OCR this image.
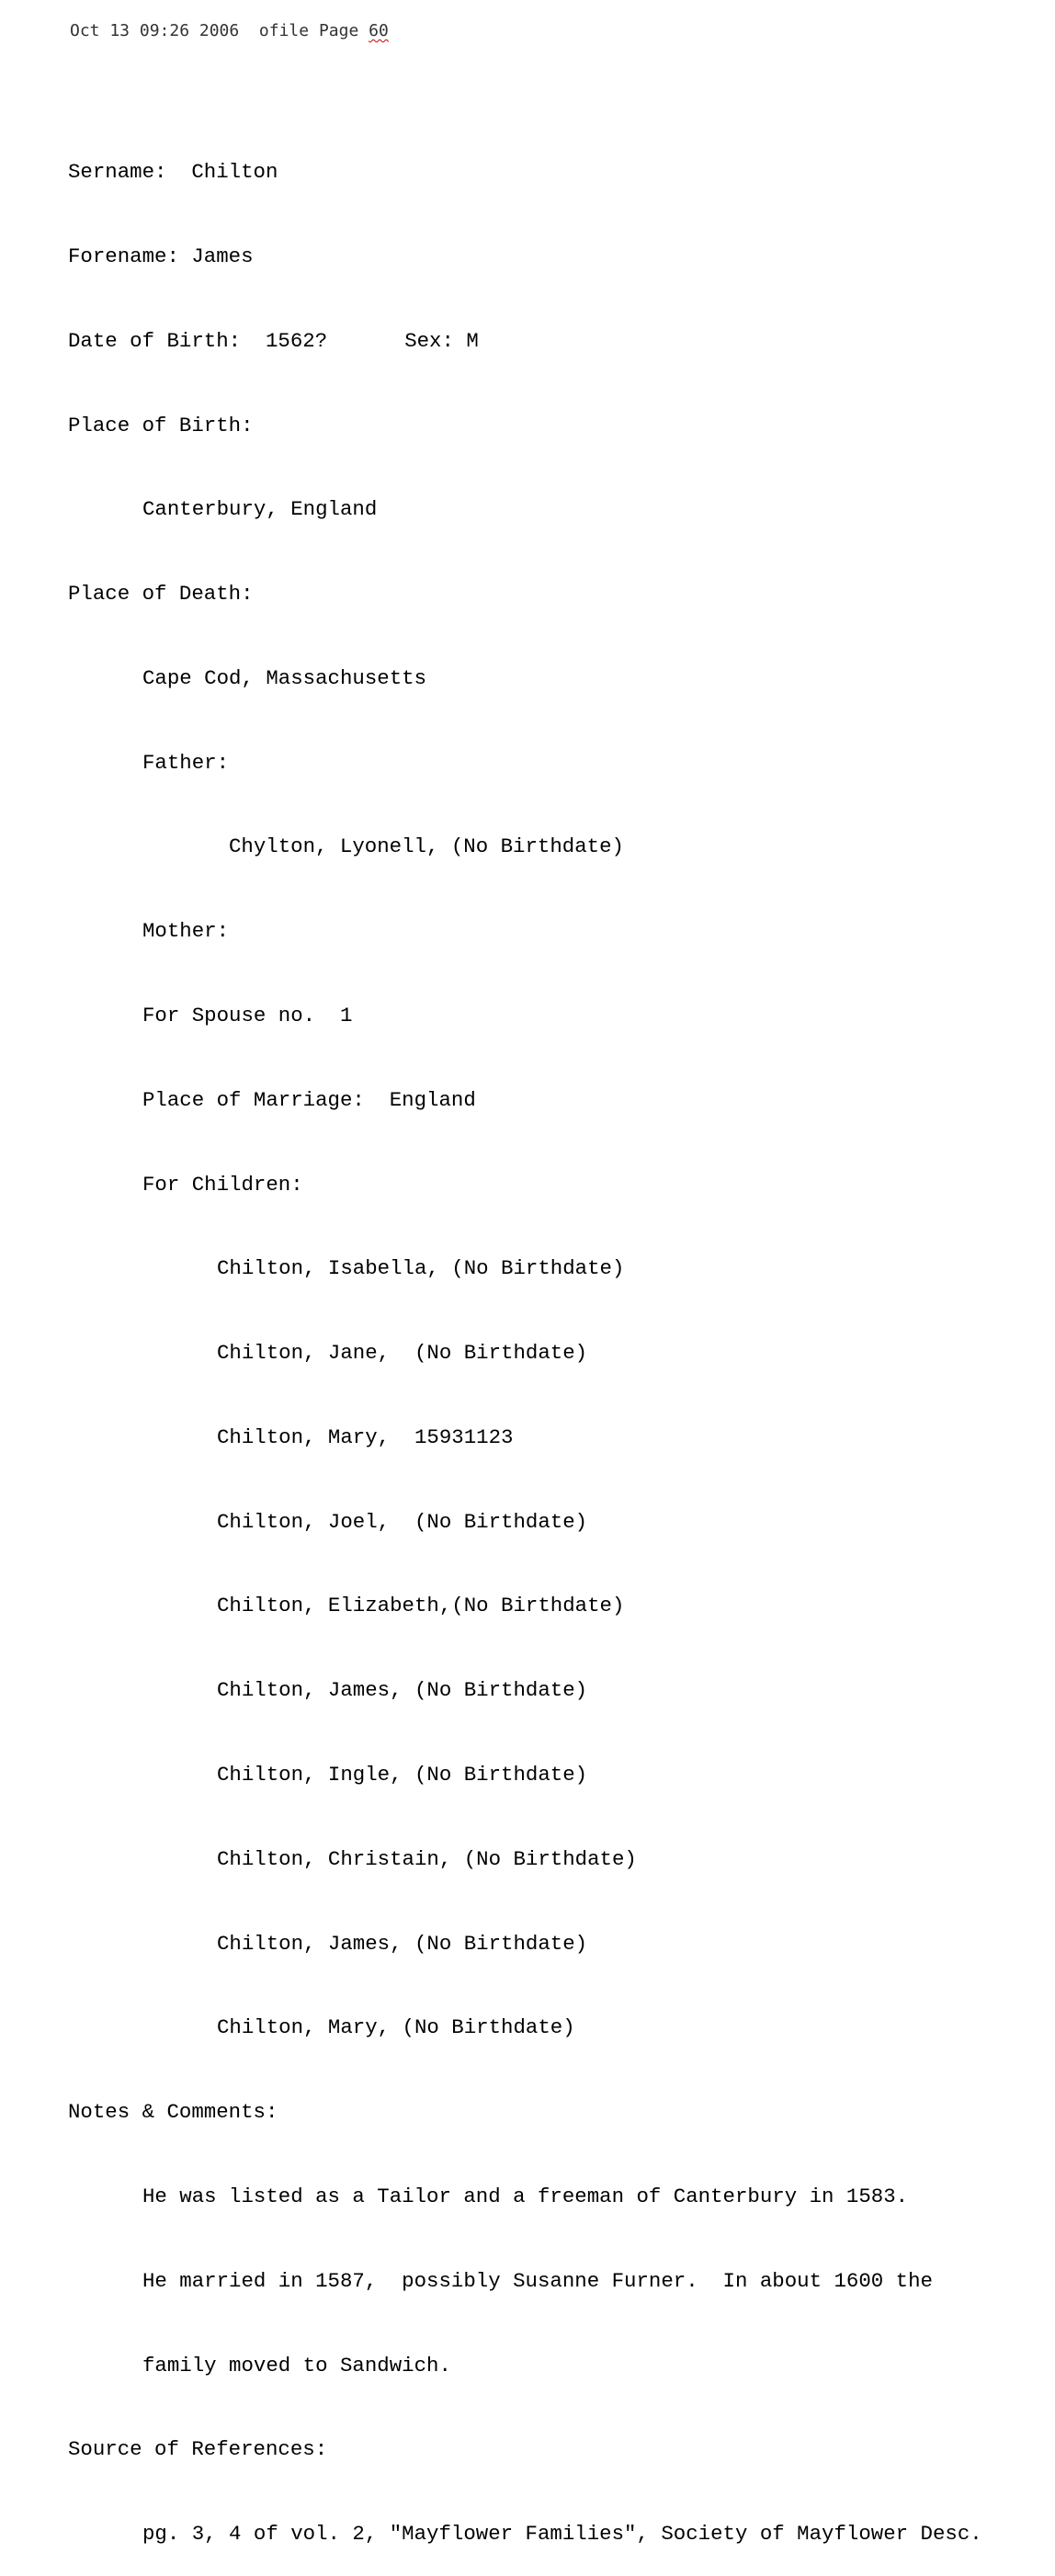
Oct 13 09:26 2006 ofile Page 60

Sername: Chilton

Forename: James

Date of Birth: 1562?	Sex: M

Place of Birth:

Canterbury, England

Place of Death:

Cape Cod, Massachusetts

Father:

Chylton, Lyonell, (No Birthdate)

Mother:

For Spouse no. 1

Place of Marriage: England

For Children:

Chilton, Isabella, (No Birthdate)

Chilton, Jane,  (No Birthdate)

Chilton, Mary,  15931123

Chilton, Joel,  (No Birthdate)

Chilton, Elizabeth,(No Birthdate)

Chilton, James, (No Birthdate)

Chilton, Ingle, (No Birthdate)

Chilton, Christain, (No Birthdate)

Chilton, James, (No Birthdate)

Chilton, Mary, (No Birthdate)

Notes & Comments:

He was listed as a Tailor and a freeman of Canterbury in 1583.

He married in 1587,  possibly Susanne Furner.  In about 1600 the

family moved to Sandwich.

Source of References:

pg. 3, 4 of vol. 2, "Mayflower Families", Society of Mayflower Desc.
